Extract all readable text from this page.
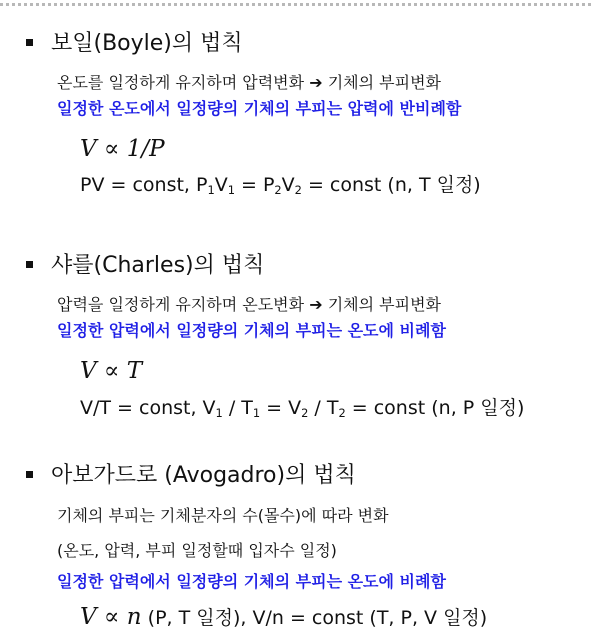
보일(Boyle)의 법칙
온도를 일정하게 유지하며 압력변화 ➔ 기체의 부피변화
일정한 온도에서 일정량의 기체의 부피는 압력에 반비례함
V ∝ 1/P
PV = const, $P_1V_1 = P_2V_2$ = const (n, T 일정)
샤를(Charles)의 법칙
압력을 일정하게 유지하며 온도변화 ➔ 기체의 부피변화
일정한 압력에서 일정량의 기체의 부피는 온도에 비례함
V ∝ T
V/T = const, $V_1 / T_1 = V_2 / T_2$ = const (n, P 일정)
아보가드로 (Avogadro)의 법칙
기체의 부피는 기체분자의 수(몰수)에 따라 변화
(온도, 압력, 부피 일정할때 입자수 일정)
일정한 압력에서 일정량의 기체의 부피는 온도에 비례함
V ∝ n (P, T 일정), V/n = const (T, P, V 일정)
